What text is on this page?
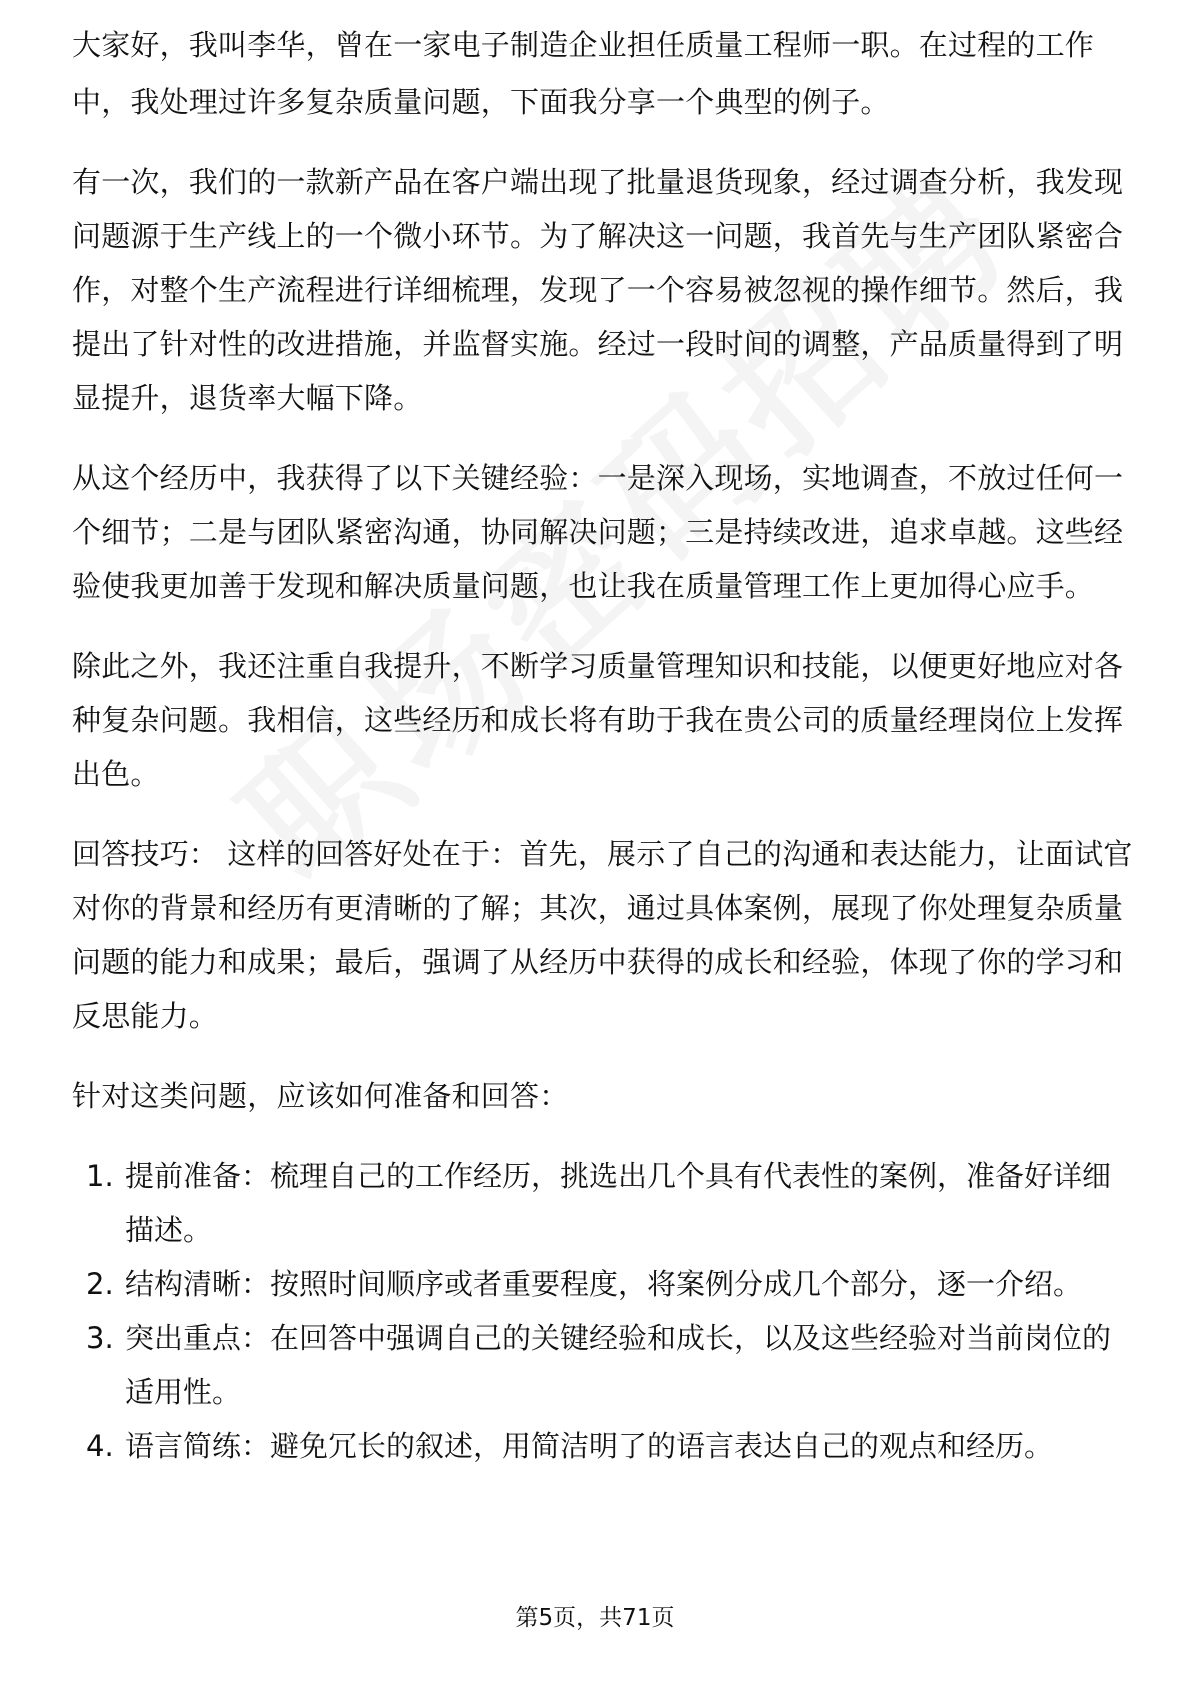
大家好，我叫李华，曾在一家电子制造企业担任质量工程师一职。在过程的工作
中，我处理过许多复杂质量问题，下面我分享一个典型的例子。
有一次，我们的一款新产品在客户端出现了批量退货现象，经过调查分析，我发现
问题源于生产线上的一个微小环节。为了解决这一问题，我首先与生产团队紧密合
作，对整个生产流程进行详细梳理，发现了一个容易被忽视的操作细节。然后，我
提出了针对性的改进措施，并监督实施。经过一段时间的调整，产品质量得到了明
显提升，退货率大幅下降。
从这个经历中，我获得了以下关键经验：一是深入现场，实地调查，不放过任何一
个细节；二是与团队紧密沟通，协同解决问题；三是持续改进，追求卓越。这些经
验使我更加善于发现和解决质量问题，也让我在质量管理工作上更加得心应手。
除此之外，我还注重自我提升，不断学习质量管理知识和技能，以便更好地应对各
种复杂问题。我相信，这些经历和成长将有助于我在贵公司的质量经理岗位上发挥
出色。
回答技巧： 这样的回答好处在于：首先，展示了自己的沟通和表达能力，让面试官
对你的背景和经历有更清晰的了解；其次，通过具体案例，展现了你处理复杂质量
问题的能力和成果；最后，强调了从经历中获得的成长和经验，体现了你的学习和
反思能力。
针对这类问题，应该如何准备和回答：
1. 提前准备：梳理自己的工作经历，挑选出几个具有代表性的案例，准备好详细
描述。
2. 结构清晰：按照时间顺序或者重要程度，将案例分成几个部分，逐一介绍。
3. 突出重点：在回答中强调自己的关键经验和成长，以及这些经验对当前岗位的
适用性。
4. 语言简练：避免冗长的叙述，用简洁明了的语言表达自己的观点和经历。
第5页，共71页
